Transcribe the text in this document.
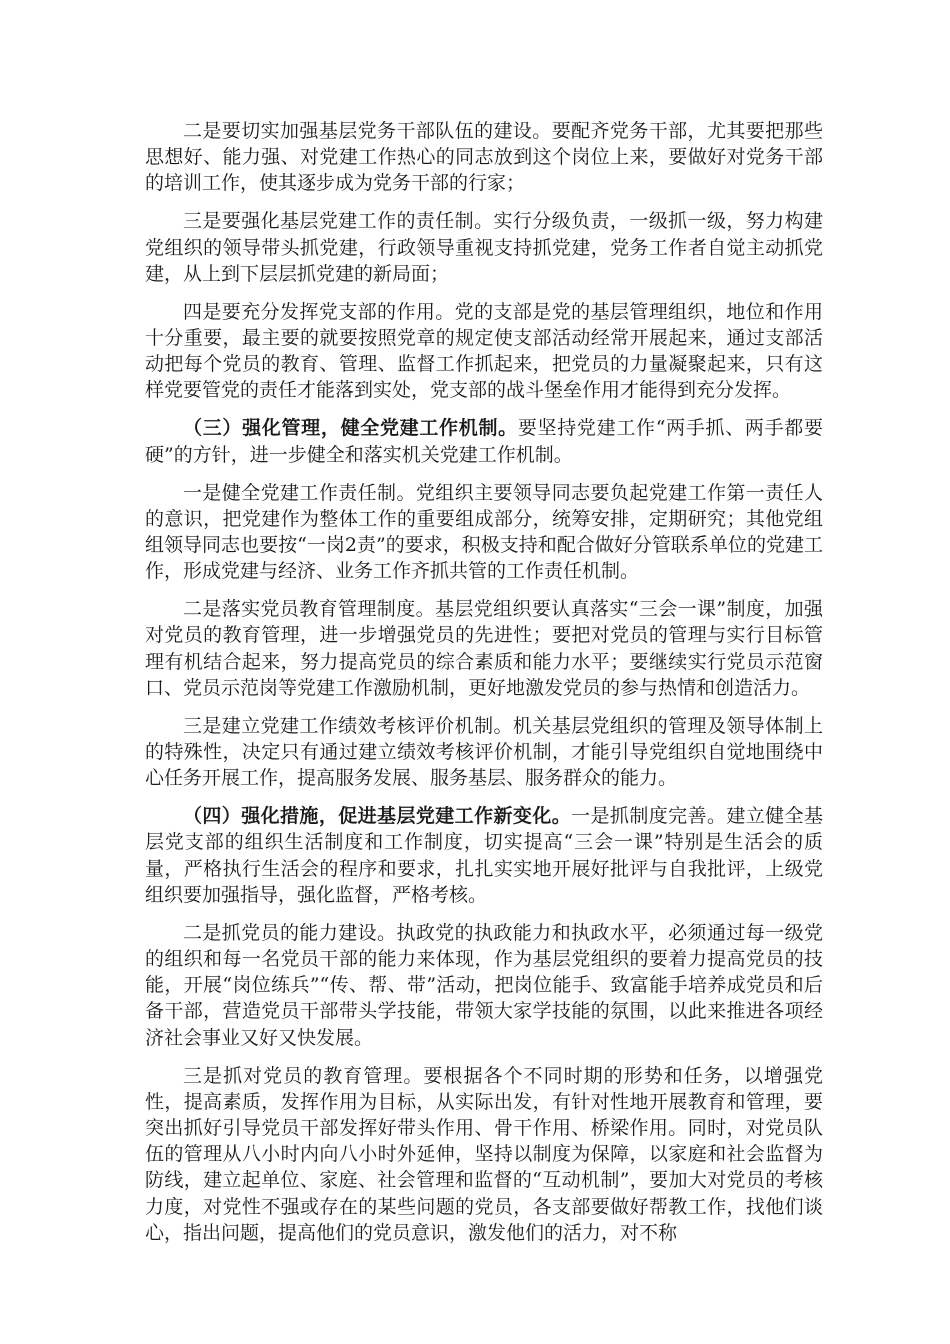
二是要切实加强基层党务干部队伍的建设。要配齐党务干部，尤其要把那些思想好、能力强、对党建工作热心的同志放到这个岗位上来，要做好对党务干部的培训工作，使其逐步成为党务干部的行家；

三是要强化基层党建工作的责任制。实行分级负责，一级抓一级，努力构建党组织的领导带头抓党建，行政领导重视支持抓党建，党务工作者自觉主动抓党建，从上到下层层抓党建的新局面；

四是要充分发挥党支部的作用。党的支部是党的基层管理组织，地位和作用十分重要，最主要的就要按照党章的规定使支部活动经常开展起来，通过支部活动把每个党员的教育、管理、监督工作抓起来，把党员的力量凝聚起来，只有这样党要管党的责任才能落到实处，党支部的战斗堡垒作用才能得到充分发挥。

（三）强化管理，健全党建工作机制。要坚持党建工作“两手抓、两手都要硬”的方针，进一步健全和落实机关党建工作机制。

一是健全党建工作责任制。党组织主要领导同志要负起党建工作第一责任人的意识，把党建作为整体工作的重要组成部分，统筹安排，定期研究；其他党组组领导同志也要按“一岗2责”的要求，积极支持和配合做好分管联系单位的党建工作，形成党建与经济、业务工作齐抓共管的工作责任机制。

二是落实党员教育管理制度。基层党组织要认真落实“三会一课”制度，加强对党员的教育管理，进一步增强党员的先进性；要把对党员的管理与实行目标管理有机结合起来，努力提高党员的综合素质和能力水平；要继续实行党员示范窗口、党员示范岗等党建工作激励机制，更好地激发党员的参与热情和创造活力。

三是建立党建工作绩效考核评价机制。机关基层党组织的管理及领导体制上的特殊性，决定只有通过建立绩效考核评价机制，才能引导党组织自觉地围绕中心任务开展工作，提高服务发展、服务基层、服务群众的能力。

（四）强化措施，促进基层党建工作新变化。一是抓制度完善。建立健全基层党支部的组织生活制度和工作制度，切实提高“三会一课”特别是生活会的质量，严格执行生活会的程序和要求，扎扎实实地开展好批评与自我批评，上级党组织要加强指导，强化监督，严格考核。

二是抓党员的能力建设。执政党的执政能力和执政水平，必须通过每一级党的组织和每一名党员干部的能力来体现，作为基层党组织的要着力提高党员的技能，开展“岗位练兵”“传、帮、带”活动，把岗位能手、致富能手培养成党员和后备干部，营造党员干部带头学技能，带领大家学技能的氛围，以此来推进各项经济社会事业又好又快发展。

三是抓对党员的教育管理。要根据各个不同时期的形势和任务，以增强党性，提高素质，发挥作用为目标，从实际出发，有针对性地开展教育和管理，要突出抓好引导党员干部发挥好带头作用、骨干作用、桥梁作用。同时，对党员队伍的管理从八小时内向八小时外延伸，坚持以制度为保障，以家庭和社会监督为防线，建立起单位、家庭、社会管理和监督的“互动机制”，要加大对党员的考核力度，对党性不强或存在的某些问题的党员，各支部要做好帮教工作，找他们谈心，指出问题，提高他们的党员意识，激发他们的活力，对不称
